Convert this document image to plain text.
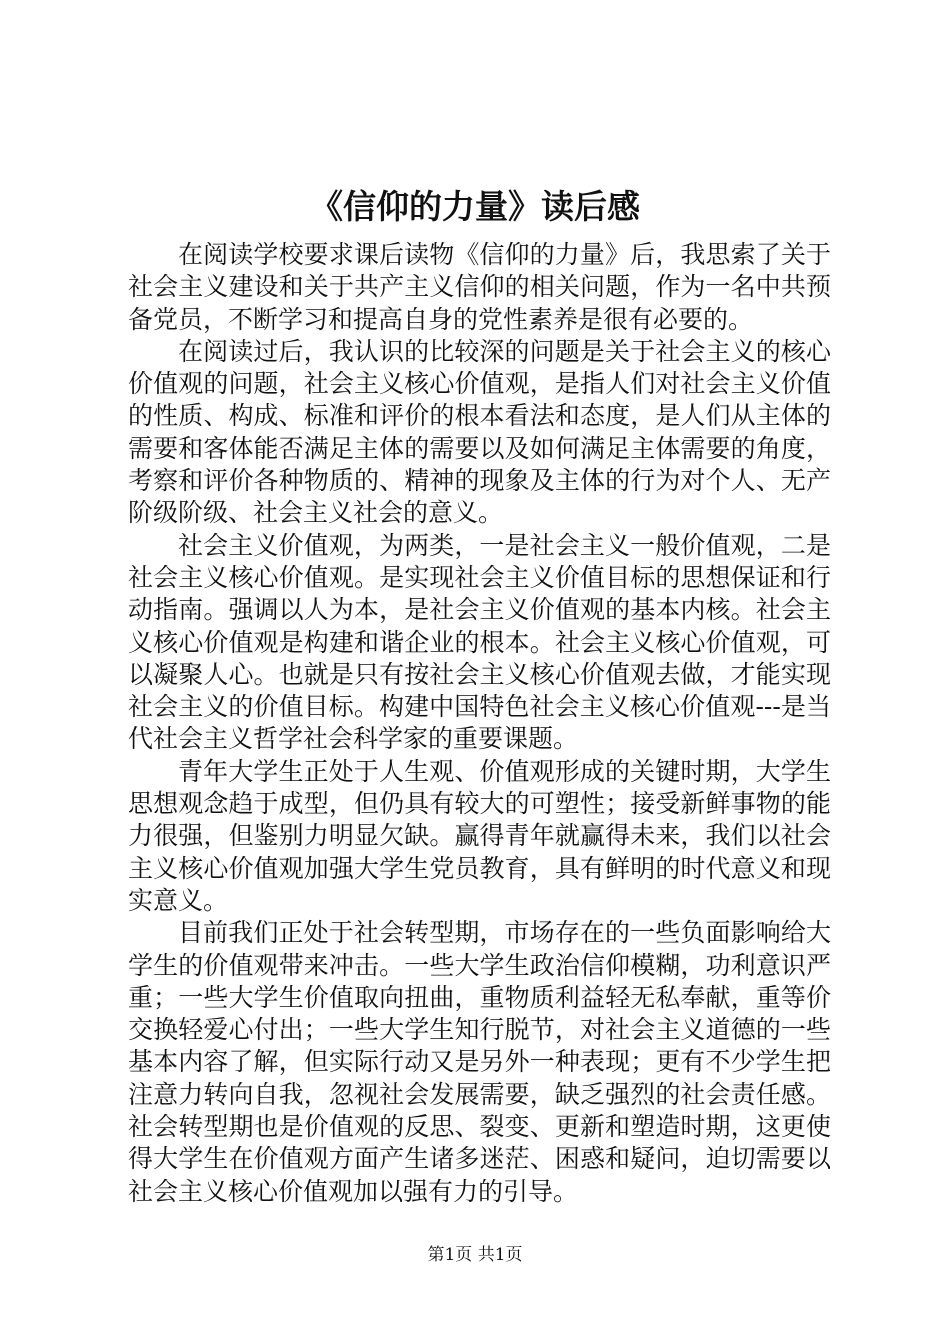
《信仰的力量》读后感

在阅读学校要求课后读物《信仰的力量》后，我思索了关于社会主义建设和关于共产主义信仰的相关问题，作为一名中共预备党员，不断学习和提高自身的党性素养是很有必要的。

在阅读过后，我认识的比较深的问题是关于社会主义的核心价值观的问题，社会主义核心价值观，是指人们对社会主义价值的性质、构成、标准和评价的根本看法和态度，是人们从主体的需要和客体能否满足主体的需要以及如何满足主体需要的角度，考察和评价各种物质的、精神的现象及主体的行为对个人、无产阶级阶级、社会主义社会的意义。

社会主义价值观，为两类，一是社会主义一般价值观，二是社会主义核心价值观。是实现社会主义价值目标的思想保证和行动指南。强调以人为本，是社会主义价值观的基本内核。社会主义核心价值观是构建和谐企业的根本。社会主义核心价值观，可以凝聚人心。也就是只有按社会主义核心价值观去做，才能实现社会主义的价值目标。构建中国特色社会主义核心价值观---是当代社会主义哲学社会科学家的重要课题。

青年大学生正处于人生观、价值观形成的关键时期，大学生思想观念趋于成型，但仍具有较大的可塑性；接受新鲜事物的能力很强，但鉴别力明显欠缺。赢得青年就赢得未来，我们以社会主义核心价值观加强大学生党员教育，具有鲜明的时代意义和现实意义。

目前我们正处于社会转型期，市场存在的一些负面影响给大学生的价值观带来冲击。一些大学生政治信仰模糊，功利意识严重；一些大学生价值取向扭曲，重物质利益轻无私奉献，重等价交换轻爱心付出；一些大学生知行脱节，对社会主义道德的一些基本内容了解，但实际行动又是另外一种表现；更有不少学生把注意力转向自我，忽视社会发展需要，缺乏强烈的社会责任感。社会转型期也是价值观的反思、裂变、更新和塑造时期，这更使得大学生在价值观方面产生诸多迷茫、困惑和疑问，迫切需要以社会主义核心价值观加以强有力的引导。

第1页 共1页
